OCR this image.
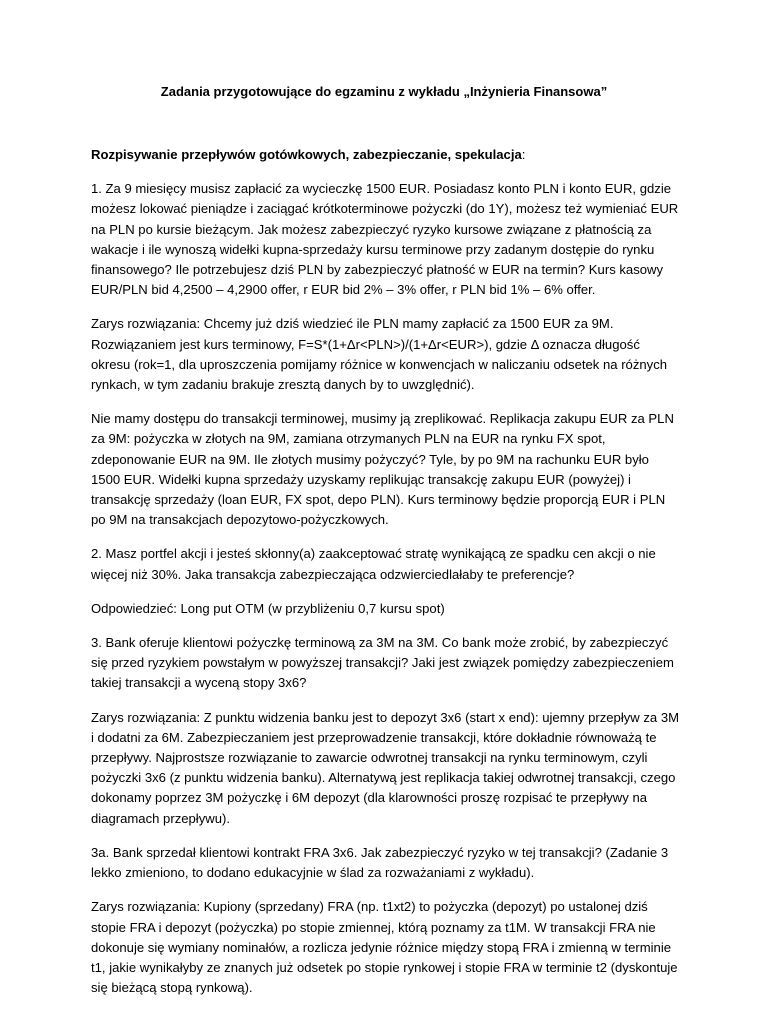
Zadania przygotowujące do egzaminu z wykładu „Inżynieria Finansowa”

Rozpisywanie przepływów gotówkowych, zabezpieczanie, spekulacja:

1. Za 9 miesięcy musisz zapłacić za wycieczkę 1500 EUR. Posiadasz konto PLN i konto EUR, gdzie możesz lokować pieniądze i zaciągać krótkoterminowe pożyczki (do 1Y), możesz też wymieniać EUR na PLN po kursie bieżącym. Jak możesz zabezpieczyć ryzyko kursowe związane z płatnością za wakacje i ile wynoszą widełki kupna-sprzedaży kursu terminowe przy zadanym dostępie do rynku finansowego? Ile potrzebujesz dziś PLN by zabezpieczyć płatność w EUR na termin? Kurs kasowy EUR/PLN bid 4,2500 – 4,2900 offer, r EUR bid 2% – 3% offer, r PLN bid 1% – 6% offer.

Zarys rozwiązania: Chcemy już dziś wiedzieć ile PLN mamy zapłacić za 1500 EUR za 9M. Rozwiązaniem jest kurs terminowy, F=S*(1+Δr<PLN>)/(1+Δr<EUR>), gdzie Δ oznacza długość okresu (rok=1, dla uproszczenia pomijamy różnice w konwencjach w naliczaniu odsetek na różnych rynkach, w tym zadaniu brakuje zresztą danych by to uwzględnić).

Nie mamy dostępu do transakcji terminowej, musimy ją zreplikować. Replikacja zakupu EUR za PLN za 9M: pożyczka w złotych na 9M, zamiana otrzymanych PLN na EUR na rynku FX spot, zdeponowanie EUR na 9M. Ile złotych musimy pożyczyć? Tyle, by po 9M na rachunku EUR było 1500 EUR. Widełki kupna sprzedaży uzyskamy replikując transakcję zakupu EUR (powyżej) i transakcję sprzedaży (loan EUR, FX spot, depo PLN). Kurs terminowy będzie proporcją EUR i PLN po 9M na transakcjach depozytowo-pożyczkowych.

2. Masz portfel akcji i jesteś skłonny(a) zaakceptować stratę wynikającą ze spadku cen akcji o nie więcej niż 30%. Jaka transakcja zabezpieczająca odzwierciedlałaby te preferencje?

Odpowiedzieć: Long put OTM (w przybliżeniu 0,7 kursu spot)

3. Bank oferuje klientowi pożyczkę terminową za 3M na 3M. Co bank może zrobić, by zabezpieczyć się przed ryzykiem powstałym w powyższej transakcji? Jaki jest związek pomiędzy zabezpieczeniem takiej transakcji a wyceną stopy 3x6?

Zarys rozwiązania: Z punktu widzenia banku jest to depozyt 3x6 (start x end): ujemny przepływ za 3M i dodatni za 6M. Zabezpieczaniem jest przeprowadzenie transakcji, które dokładnie równoważą te przepływy. Najprostsze rozwiązanie to zawarcie odwrotnej transakcji na rynku terminowym, czyli pożyczki 3x6 (z punktu widzenia banku). Alternatywą jest replikacja takiej odwrotnej transakcji, czego dokonamy poprzez 3M pożyczkę i 6M depozyt (dla klarowności proszę rozpisać te przepływy na diagramach przepływu).

3a. Bank sprzedał klientowi kontrakt FRA 3x6. Jak zabezpieczyć ryzyko w tej transakcji? (Zadanie 3 lekko zmieniono, to dodano edukacyjnie w ślad za rozważaniami z wykładu).

Zarys rozwiązania: Kupiony (sprzedany) FRA (np. t1xt2) to pożyczka (depozyt) po ustalonej dziś stopie FRA i depozyt (pożyczka) po stopie zmiennej, którą poznamy za t1M. W transakcji FRA nie dokonuje się wymiany nominałów, a rozlicza jedynie różnice między stopą FRA i zmienną w terminie t1, jakie wynikałyby ze znanych już odsetek po stopie rynkowej i stopie FRA w terminie t2 (dyskontuje się bieżącą stopą rynkową).
